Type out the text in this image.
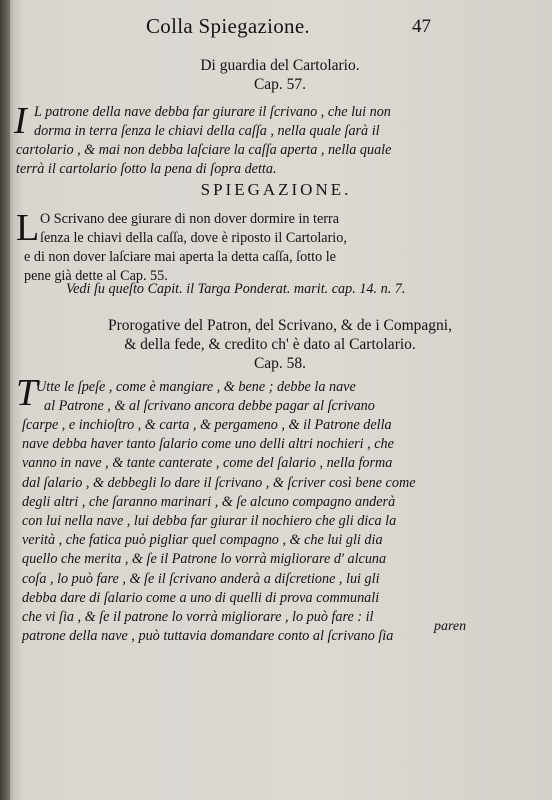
Colla Spiegazione.	47
Di guardia del Cartolario.
Cap. 57.
I L patrone della nave debba far giurare il ſcrivano , che lui non
dorma in terra ſenza le chiavi della caſſa , nella quale ſarà il
cartolario , & mai non debba laſciare la caſſa aperta , nella quale
terrà il cartolario ſotto la pena di ſopra detta.
SPIEGAZIONE.
L O Scrivano dee giurare di non dover dormire in terra
ſenza le chiavi della caſſa, dove è riposto il Cartolario,
e di non dover laſciare mai aperta la detta caſſa, ſotto le
pene già dette al Cap. 55.
Vedi ſu queſto Capit. il Targa Ponderat. marit. cap. 14. n. 7.
Prorogative del Patron, del Scrivano, & de i Compagni,
& della fede, & credito ch' è dato al Cartolario.
Cap. 58.
T
Utte le ſpeſe , come è mangiare , & bene ; debbe la nave
al Patrone , & al ſcrivano ancora debbe pagar al ſcrivano
ſcarpe , e inchioſtro , & carta , & pergameno , & il Patrone della
nave debba haver tanto ſalario come uno delli altri nochieri , che
vanno in nave , & tante canterate , come del ſalario , nella forma
dal ſalario , & debbegli lo dare il ſcrivano , & ſcriver così bene come
degli altri , che ſaranno marinari , & ſe alcuno compagno anderà
con lui nella nave , lui debba far giurar il nochiero che gli dica la
verità , che fatica può pigliar quel compagno , & che lui gli dia
quello che merita , & ſe il Patrone lo vorrà migliorare d' alcuna
coſa , lo può fare , & ſe il ſcrivano anderà a diſcretione , lui gli
debba dare di ſalario come a uno di quelli di prova communali
che vi ſia , & ſe il patrone lo vorrà migliorare , lo può fare : il
patrone della nave , può tuttavia domandare conto al ſcrivano ſia
paren
